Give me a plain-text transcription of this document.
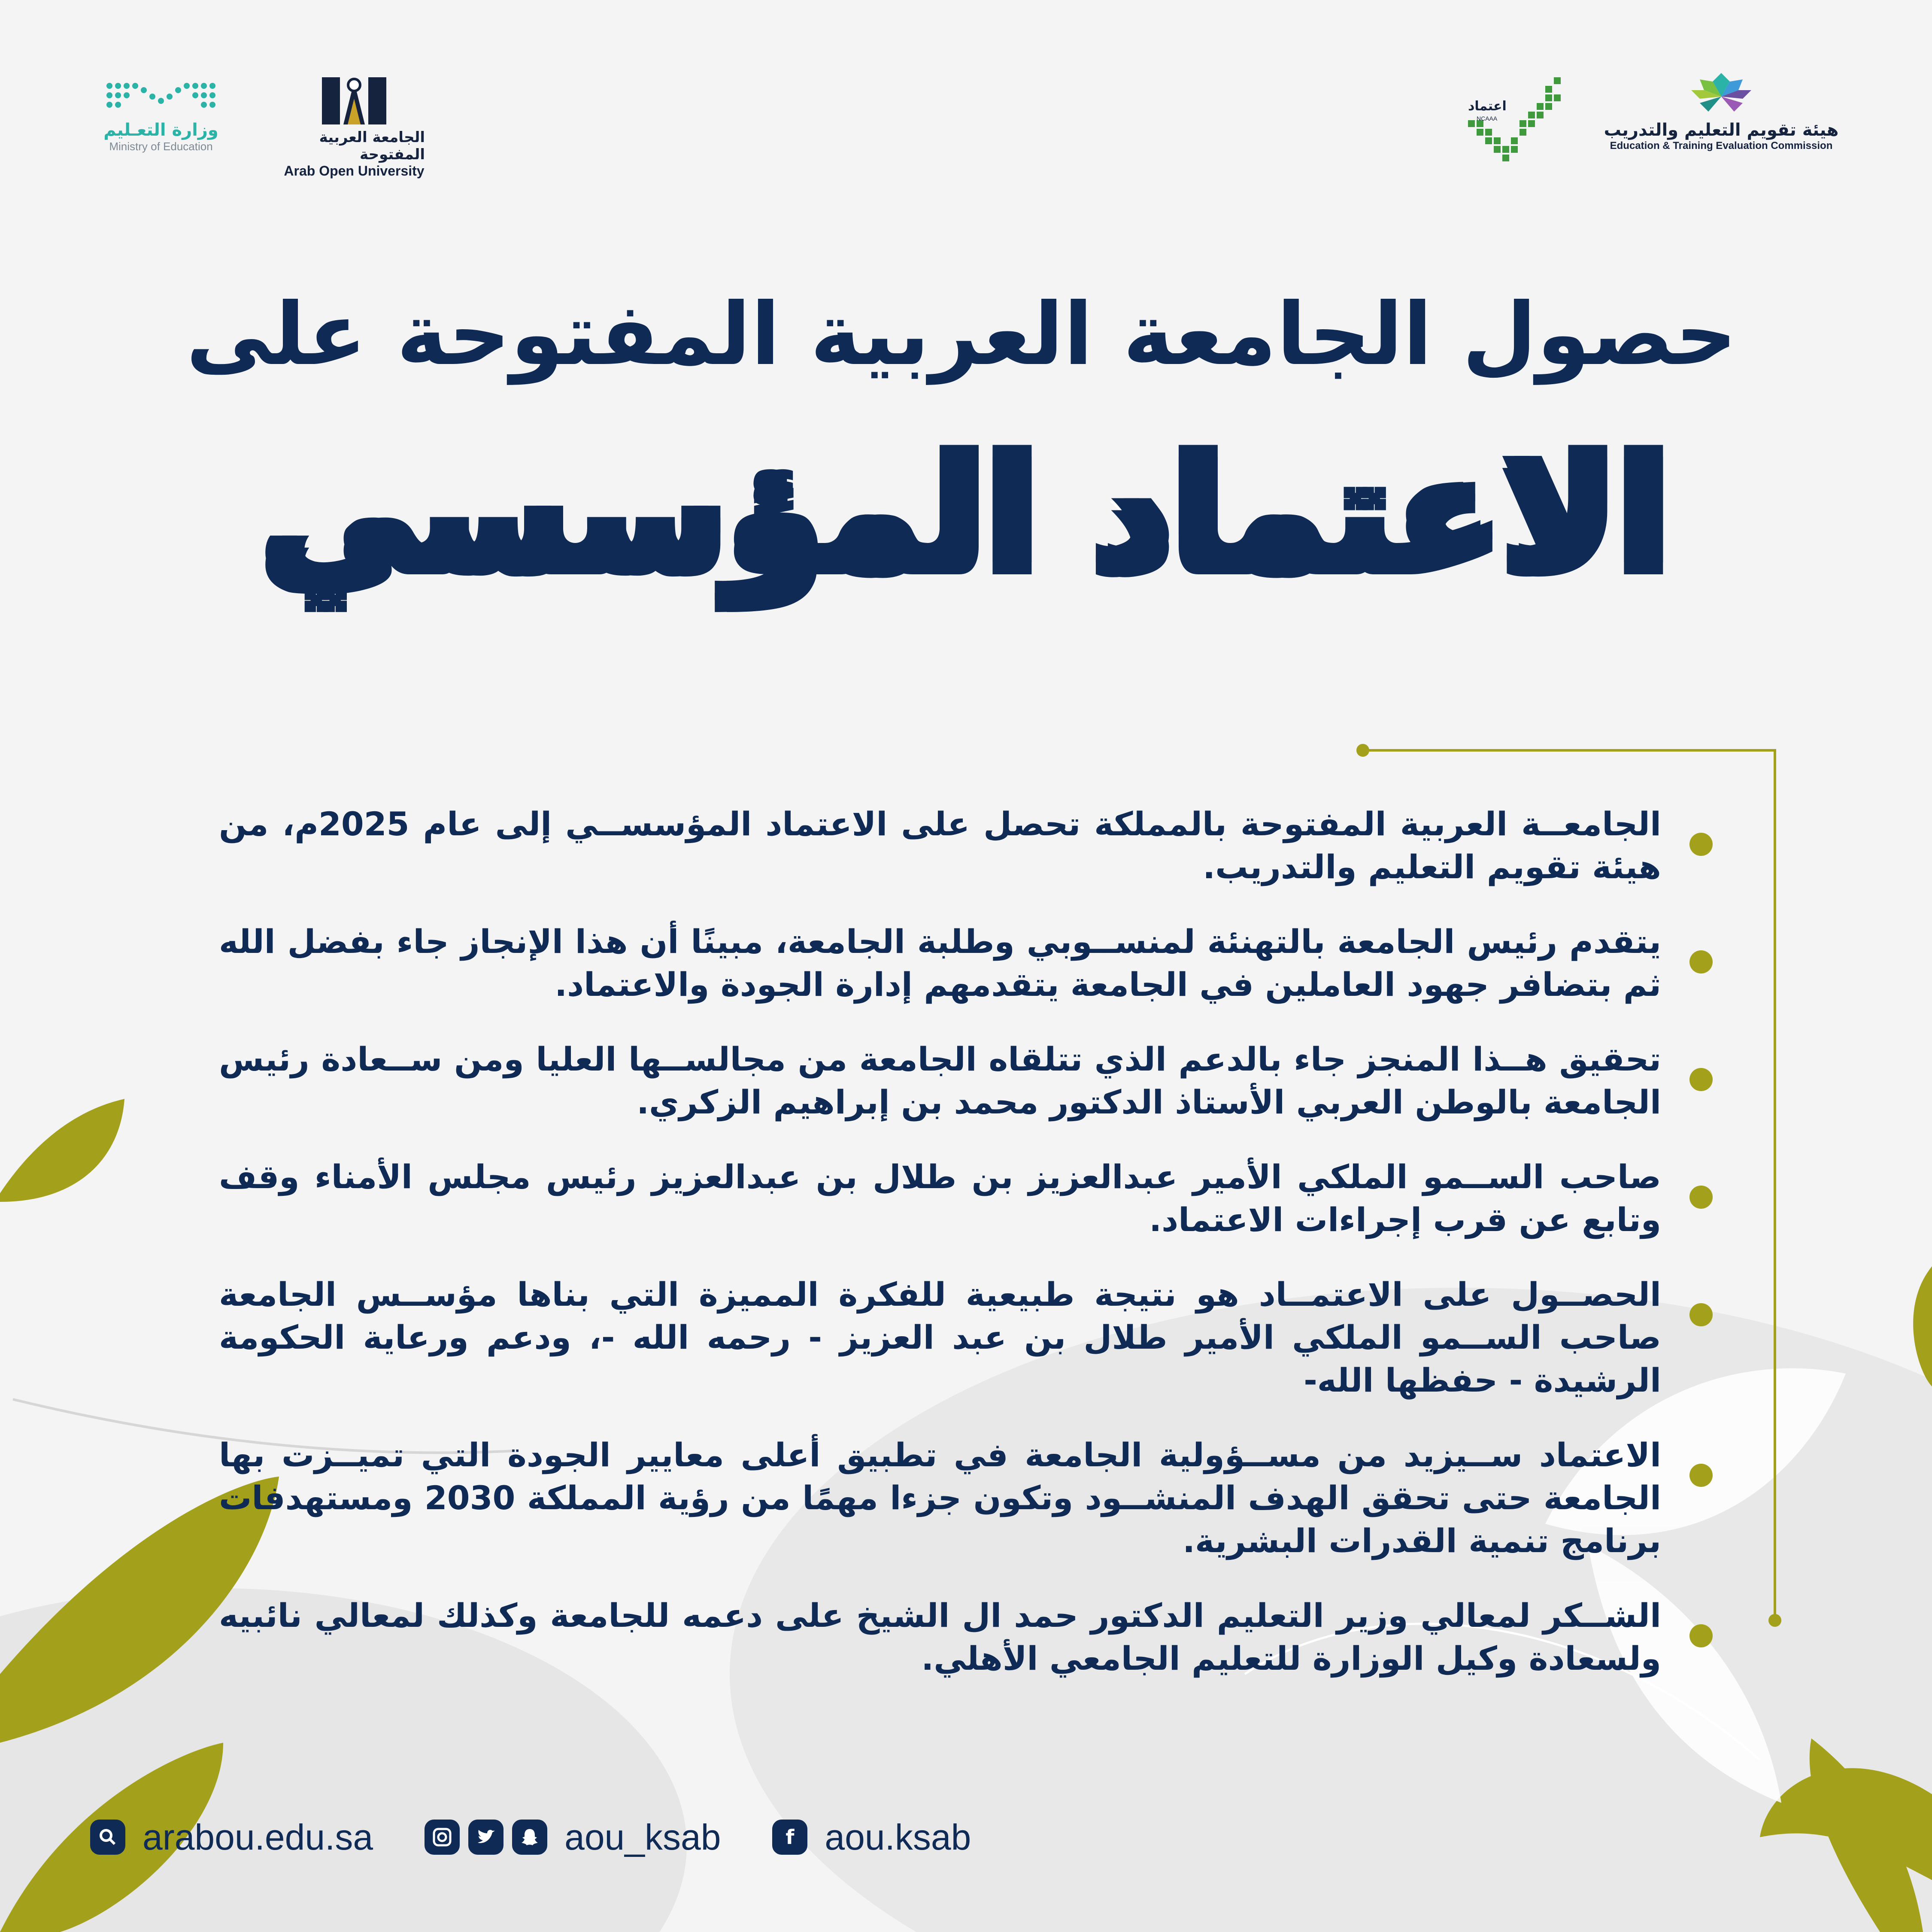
وزارة التعـليم
Ministry of Education
الجامعة العربية المفتوحة
Arab Open University
اعتماد
NCAAA
هيئة تقويم التعليم والتدريب
Education & Training Evaluation Commission
حصول الجامعة العربية المفتوحة على
الاعتماد المؤسسي

الجامعــة العربية المفتوحة بالمملكة تحصل على الاعتماد المؤسســي إلى عام 2025م، من هيئة تقويم التعليم والتدريب.

يتقدم رئيس الجامعة بالتهنئة لمنســوبي وطلبة الجامعة، مبينًا أن هذا الإنجاز جاء بفضل الله ثم بتضافر جهود العاملين في الجامعة يتقدمهم إدارة الجودة والاعتماد.

تحقيق هــذا المنجز جاء بالدعم الذي تتلقاه الجامعة من مجالســها العليا ومن ســعادة رئيس الجامعة بالوطن العربي الأستاذ الدكتور محمد بن إبراهيم الزكري.

صاحب الســمو الملكي الأمير عبدالعزيز بن طلال بن عبدالعزيز رئيس مجلس الأمناء وقف وتابع عن قرب إجراءات الاعتماد.

الحصــول على الاعتمــاد هو نتيجة طبيعية للفكرة المميزة التي بناها مؤســس الجامعة صاحب الســمو الملكي الأمير طلال بن عبد العزيز - رحمه الله -، ودعم ورعاية الحكومة الرشيدة - حفظها الله-

الاعتماد ســيزيد من مســؤولية الجامعة في تطبيق أعلى معايير الجودة التي تميــزت بها الجامعة حتى تحقق الهدف المنشــود وتكون جزءا مهمًا من رؤية المملكة 2030 ومستهدفات برنامج تنمية القدرات البشرية.

الشــكر لمعالي وزير التعليم الدكتور حمد ال الشيخ على دعمه للجامعة وكذلك لمعالي نائبيه ولسعادة وكيل الوزارة للتعليم الجامعي الأهلي.

arabou.edu.sa	aou_ksab	f aou.ksab
